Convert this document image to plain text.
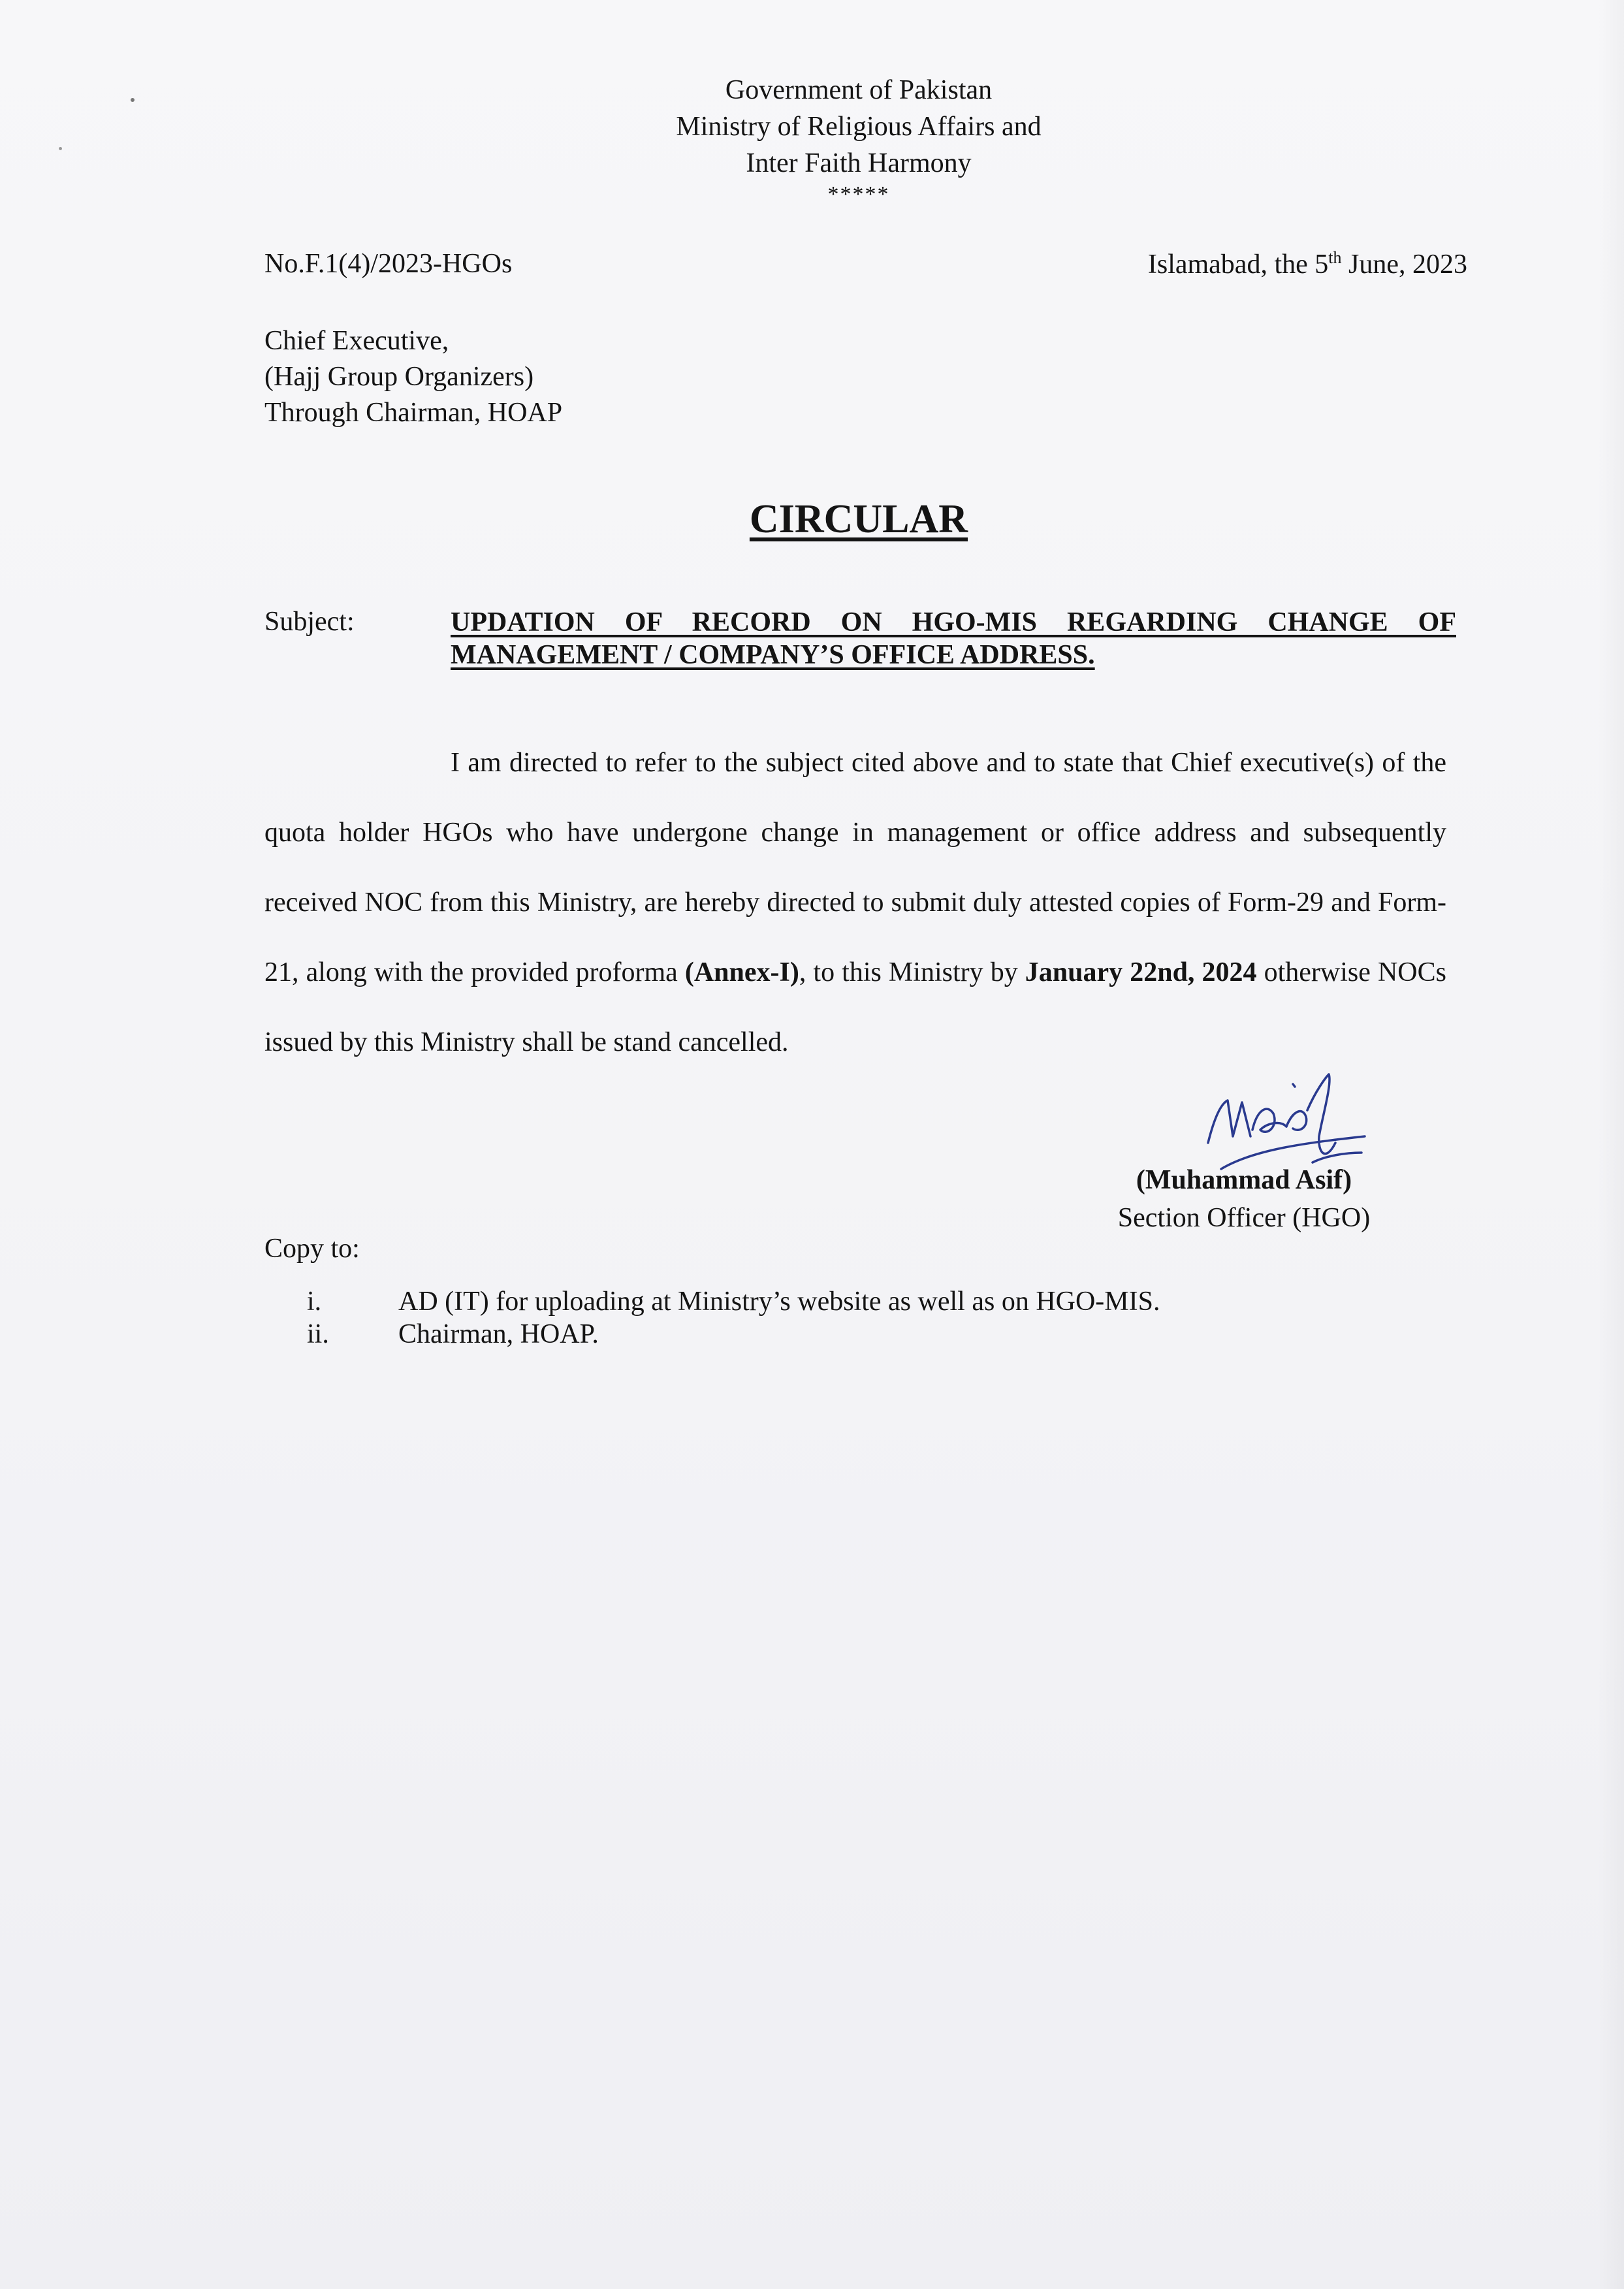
Government of Pakistan
Ministry of Religious Affairs and
Inter Faith Harmony
*****
No.F.1(4)/2023-HGOs	Islamabad, the 5th June, 2023
Chief Executive,
(Hajj Group Organizers)
Through Chairman, HOAP
CIRCULAR
Subject:	UPDATION OF RECORD ON HGO-MIS REGARDING CHANGE OF MANAGEMENT / COMPANY’S OFFICE ADDRESS.
I am directed to refer to the subject cited above and to state that Chief executive(s) of the quota holder HGOs who have undergone change in management or office address and subsequently received NOC from this Ministry, are hereby directed to submit duly attested copies of Form-29 and Form-21, along with the provided proforma (Annex-I), to this Ministry by January 22nd, 2024 otherwise NOCs issued by this Ministry shall be stand cancelled.
(Muhammad Asif)
Section Officer (HGO)
Copy to:
i.	AD (IT) for uploading at Ministry’s website as well as on HGO-MIS.
ii.	Chairman, HOAP.
